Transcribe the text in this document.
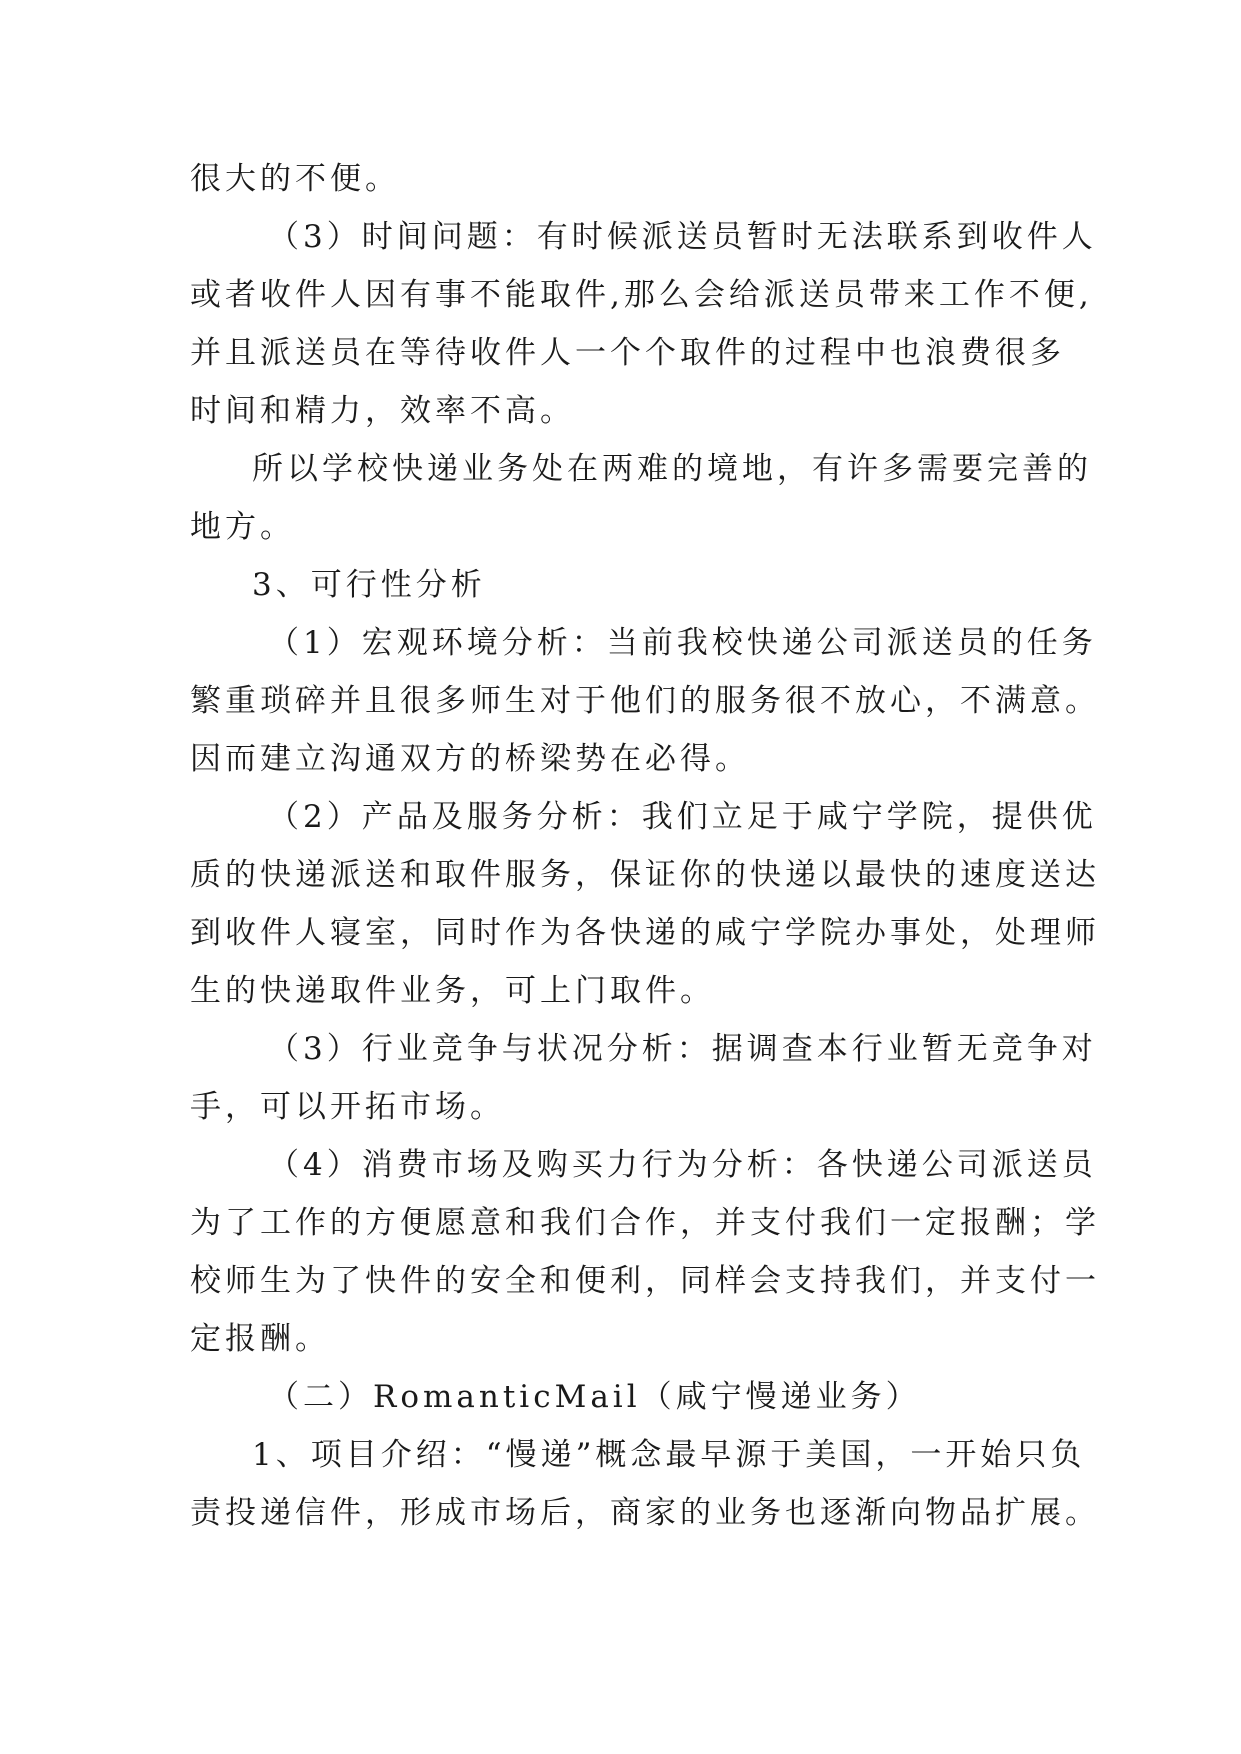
很大的不便。
（3）时间问题：有时候派送员暂时无法联系到收件人
或者收件人因有事不能取件,那么会给派送员带来工作不便,
并且派送员在等待收件人一个个取件的过程中也浪费很多
时间和精力，效率不高。
所以学校快递业务处在两难的境地，有许多需要完善的
地方。
3、可行性分析
（1）宏观环境分析：当前我校快递公司派送员的任务
繁重琐碎并且很多师生对于他们的服务很不放心，不满意。
因而建立沟通双方的桥梁势在必得。
（2）产品及服务分析：我们立足于咸宁学院，提供优
质的快递派送和取件服务，保证你的快递以最快的速度送达
到收件人寝室，同时作为各快递的咸宁学院办事处，处理师
生的快递取件业务，可上门取件。
（3）行业竞争与状况分析：据调查本行业暂无竞争对
手，可以开拓市场。
（4）消费市场及购买力行为分析：各快递公司派送员
为了工作的方便愿意和我们合作，并支付我们一定报酬；学
校师生为了快件的安全和便利，同样会支持我们，并支付一
定报酬。
（二）RomanticMail（咸宁慢递业务）
1、项目介绍：“慢递”概念最早源于美国，一开始只负
责投递信件，形成市场后，商家的业务也逐渐向物品扩展。
